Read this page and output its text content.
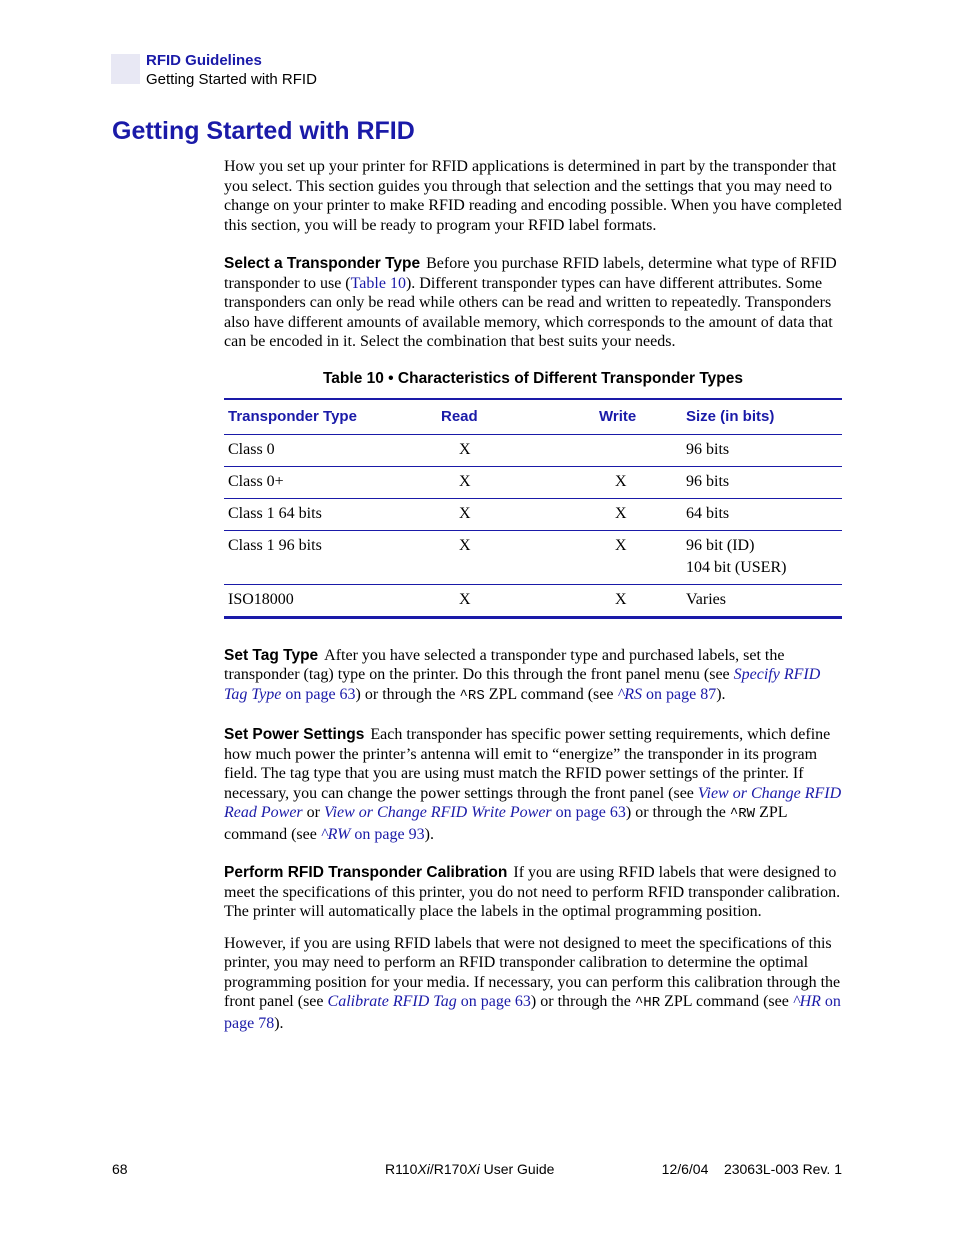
RFID Guidelines
Getting Started with RFID
Getting Started with RFID

How you set up your printer for RFID applications is determined in part by the transponder that you select. This section guides you through that selection and the settings that you may need to change on your printer to make RFID reading and encoding possible. When you have completed this section, you will be ready to program your RFID label formats.

Select a Transponder Type Before you purchase RFID labels, determine what type of RFID transponder to use (Table 10). Different transponder types can have different attributes. Some transponders can only be read while others can be read and written to repeatedly. Transponders also have different amounts of available memory, which corresponds to the amount of data that can be encoded in it. Select the combination that best suits your needs.

Table 10 • Characteristics of Different Transponder Types
Transponder Type	Read	Write	Size (in bits)
Class 0	X		96 bits
Class 0+	X	X	96 bits
Class 1 64 bits	X	X	64 bits
Class 1 96 bits	X	X	96 bit (ID)
104 bit (USER)
ISO18000	X	X	Varies

Set Tag Type After you have selected a transponder type and purchased labels, set the transponder (tag) type on the printer. Do this through the front panel menu (see Specify RFID Tag Type on page 63) or through the ^RS ZPL command (see ^RS on page 87).

Set Power Settings Each transponder has specific power setting requirements, which define how much power the printer’s antenna will emit to “energize” the transponder in its program field. The tag type that you are using must match the RFID power settings of the printer. If necessary, you can change the power settings through the front panel (see View or Change RFID Read Power or View or Change RFID Write Power on page 63) or through the ^RW ZPL command (see ^RW on page 93).

Perform RFID Transponder Calibration If you are using RFID labels that were designed to meet the specifications of this printer, you do not need to perform RFID transponder calibration. The printer will automatically place the labels in the optimal programming position.

However, if you are using RFID labels that were not designed to meet the specifications of this printer, you may need to perform an RFID transponder calibration to determine the optimal programming position for your media. If necessary, you can perform this calibration through the front panel (see Calibrate RFID Tag on page 63) or through the ^HR ZPL command (see ^HR on page 78).

68	R110Xi/R170Xi User Guide	12/6/04    23063L-003 Rev. 1
